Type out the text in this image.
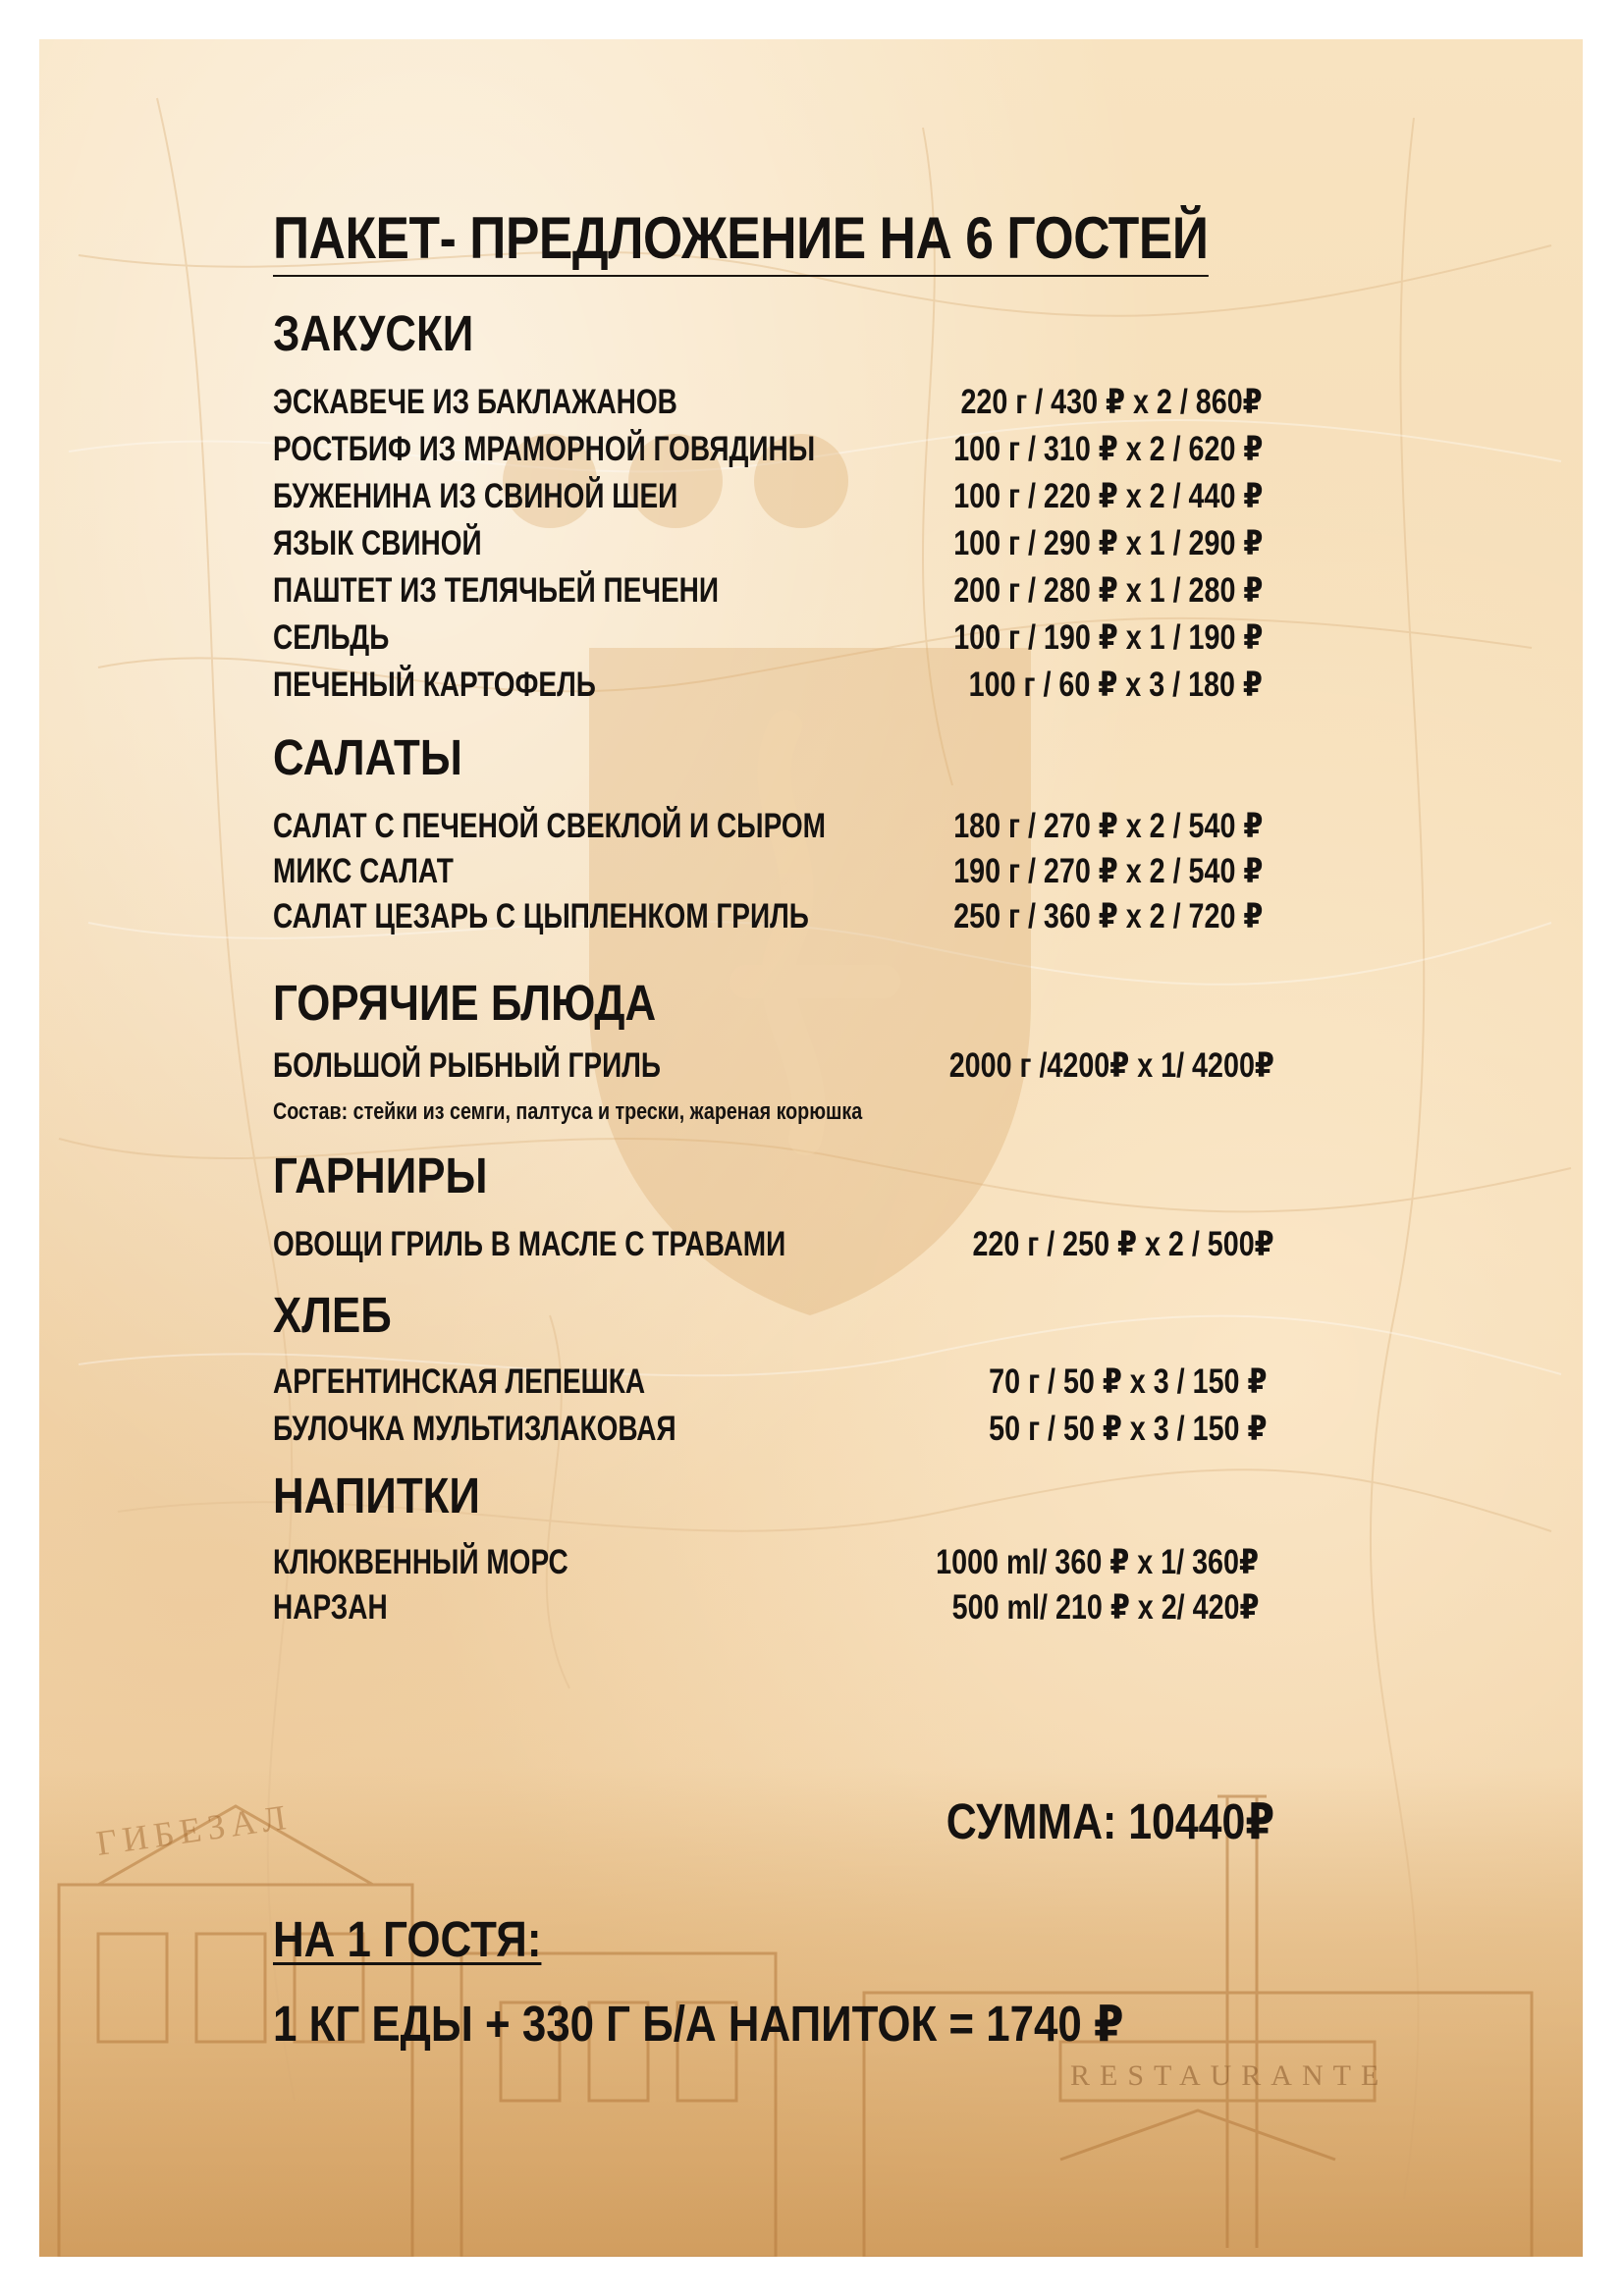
ГИБЕЗАЛ
RESTAURANTE
ПАКЕТ- ПРЕДЛОЖЕНИЕ НА 6 ГОСТЕЙ
ЗАКУСКИ
ЭСКАВЕЧЕ ИЗ БАКЛАЖАНОВ	220 г / 430 ₽ х 2 / 860₽
РОСТБИФ ИЗ МРАМОРНОЙ ГОВЯДИНЫ	100 г / 310 ₽ х 2 / 620 ₽
БУЖЕНИНА ИЗ СВИНОЙ ШЕИ	100 г / 220 ₽ х 2 / 440 ₽
ЯЗЫК СВИНОЙ	100 г / 290 ₽ х 1 / 290 ₽
ПАШТЕТ ИЗ ТЕЛЯЧЬЕЙ ПЕЧЕНИ	200 г / 280 ₽ х 1 / 280 ₽
СЕЛЬДЬ	100 г / 190 ₽ х 1 / 190 ₽
ПЕЧЕНЫЙ КАРТОФЕЛЬ	100 г / 60 ₽ х 3 / 180 ₽
САЛАТЫ
САЛАТ С ПЕЧЕНОЙ СВЕКЛОЙ И СЫРОМ	180 г / 270 ₽ х 2 / 540 ₽
МИКС САЛАТ	190 г / 270 ₽ х 2 / 540 ₽
САЛАТ ЦЕЗАРЬ С ЦЫПЛЕНКОМ ГРИЛЬ	250 г / 360 ₽ х 2 / 720 ₽
ГОРЯЧИЕ БЛЮДА
БОЛЬШОЙ РЫБНЫЙ ГРИЛЬ	2000 г /4200₽ х 1/ 4200₽
Состав: стейки из семги, палтуса и трески, жареная корюшка
ГАРНИРЫ
ОВОЩИ ГРИЛЬ В МАСЛЕ С ТРАВАМИ	220 г / 250 ₽ х 2 / 500₽
ХЛЕБ
АРГЕНТИНСКАЯ ЛЕПЕШКА	70 г / 50 ₽ х 3 / 150 ₽
БУЛОЧКА МУЛЬТИЗЛАКОВАЯ	50 г / 50 ₽ х 3 / 150 ₽
НАПИТКИ
КЛЮКВЕННЫЙ МОРС	1000 ml/ 360 ₽ х 1/ 360₽
НАРЗАН	500 ml/ 210 ₽ х 2/ 420₽
СУММА: 10440₽
НА 1 ГОСТЯ:
1 КГ ЕДЫ + 330 Г Б/А НАПИТОК = 1740 ₽
